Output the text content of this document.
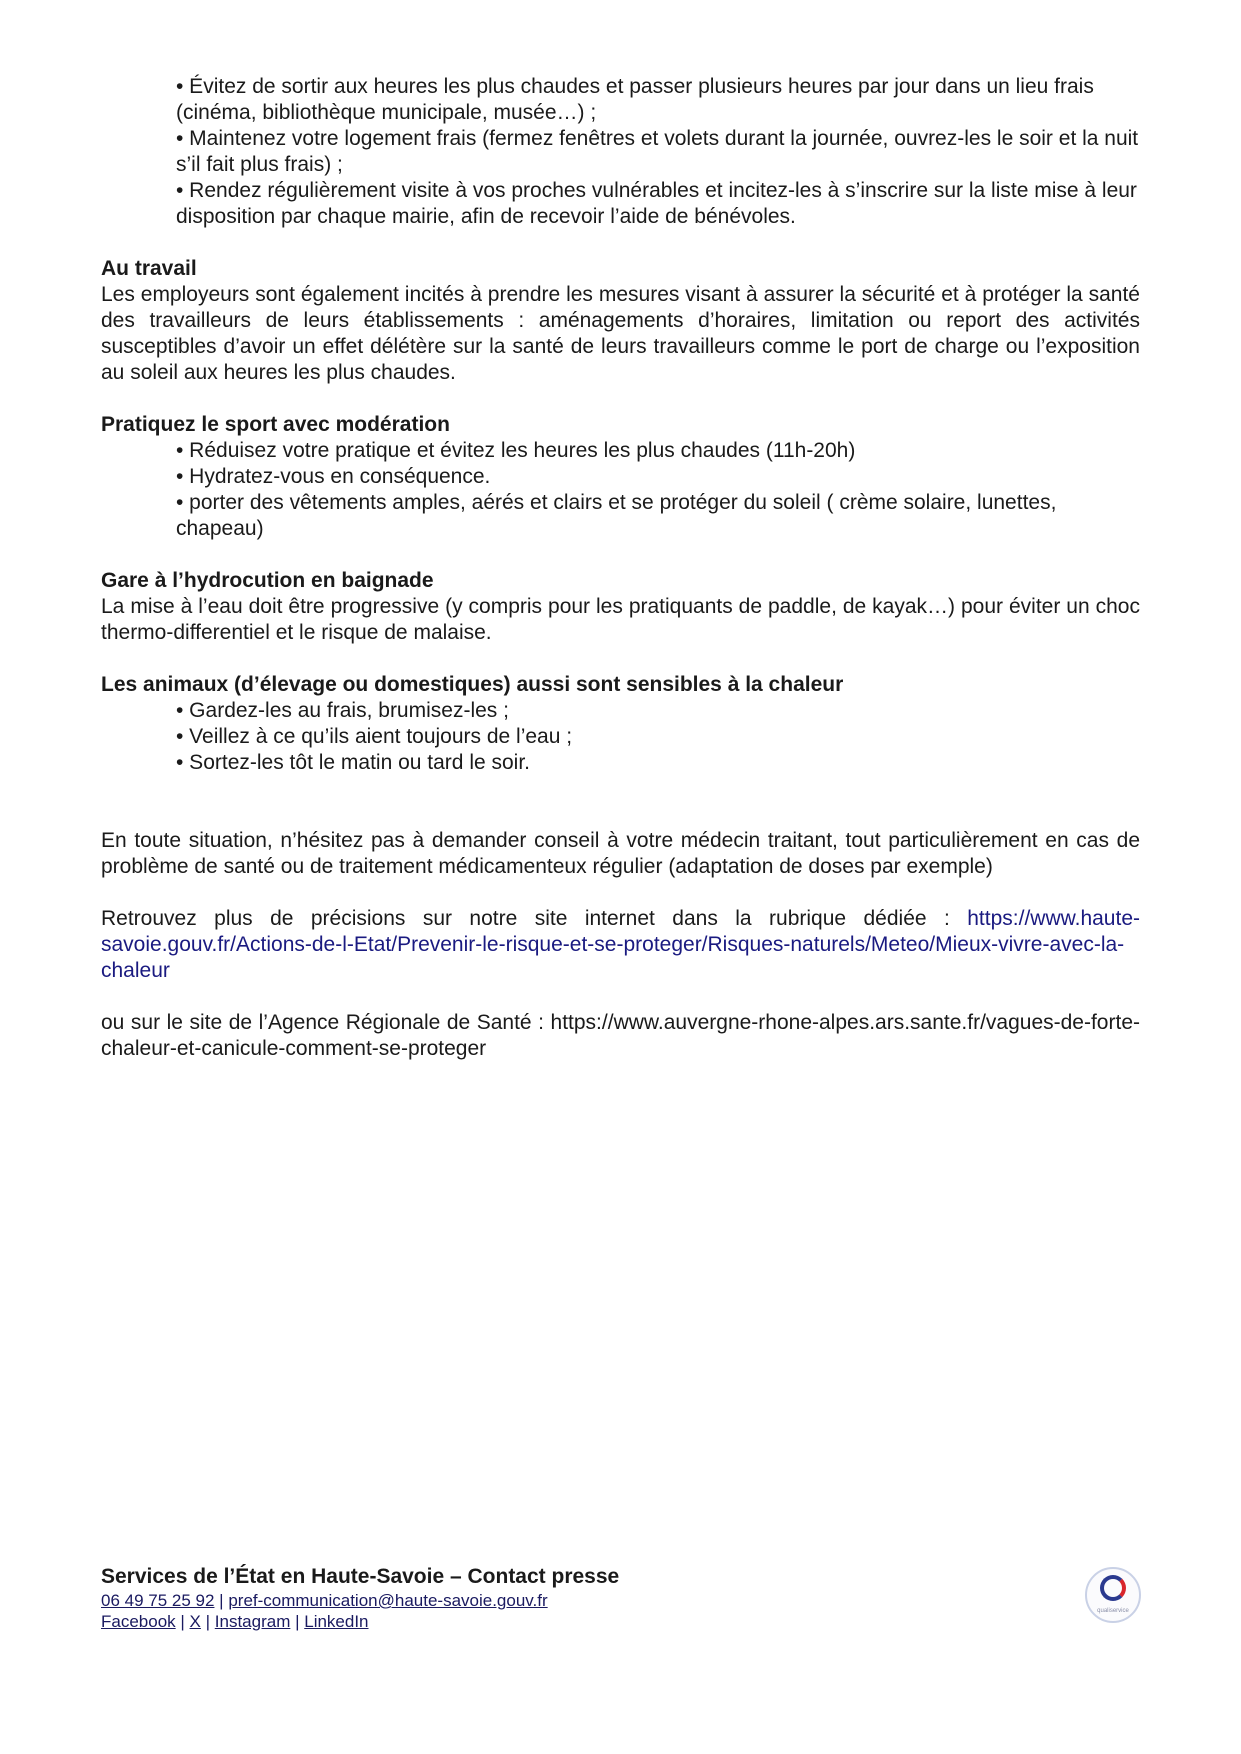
• Évitez de sortir aux heures les plus chaudes et passer plusieurs heures par jour dans un lieu frais (cinéma, bibliothèque municipale, musée…) ;

• Maintenez votre logement frais (fermez fenêtres et volets durant la journée, ouvrez-les le soir et la nuit s’il fait plus frais) ;

• Rendez régulièrement visite à vos proches vulnérables et incitez-les à s’inscrire sur la liste mise à leur disposition par chaque mairie, afin de recevoir l’aide de bénévoles.

Au travail

Les employeurs sont également incités à prendre les mesures visant à assurer la sécurité et à protéger la santé des travailleurs de leurs établissements : aménagements d’horaires, limitation ou report des activités susceptibles d’avoir un effet délétère sur la santé de leurs travailleurs comme le port de charge ou l’exposition au soleil aux heures les plus chaudes.

Pratiquez le sport avec modération

• Réduisez votre pratique et évitez les heures les plus chaudes (11h-20h)

• Hydratez-vous en conséquence.

• porter des vêtements amples, aérés et clairs et se protéger du soleil ( crème solaire, lunettes, chapeau)

Gare à l’hydrocution en baignade

La mise à l’eau doit être progressive (y compris pour les pratiquants de paddle, de kayak…) pour éviter un choc thermo-differentiel et le risque de malaise.

Les animaux (d’élevage ou domestiques) aussi sont sensibles à la chaleur

• Gardez-les au frais, brumisez-les ;

• Veillez à ce qu’ils aient toujours de l’eau ;

• Sortez-les tôt le matin ou tard le soir.

En toute situation, n’hésitez pas à demander conseil à votre médecin traitant, tout particulièrement en cas de problème de santé ou de traitement médicamenteux régulier (adaptation de doses par exemple)

Retrouvez plus de précisions sur notre site internet dans la rubrique dédiée : https://www.haute-savoie.gouv.fr/Actions-de-l-Etat/Prevenir-le-risque-et-se-proteger/Risques-naturels/Meteo/Mieux-vivre-avec-la-chaleur

ou sur le site de l’Agence Régionale de Santé : https://www.auvergne-rhone-alpes.ars.sante.fr/vagues-de-forte-chaleur-et-canicule-comment-se-proteger

Services de l’État en Haute-Savoie – Contact presse

06 49 75 25 92 | pref-communication@haute-savoie.gouv.fr

Facebook | X | Instagram | LinkedIn

qualiservice
